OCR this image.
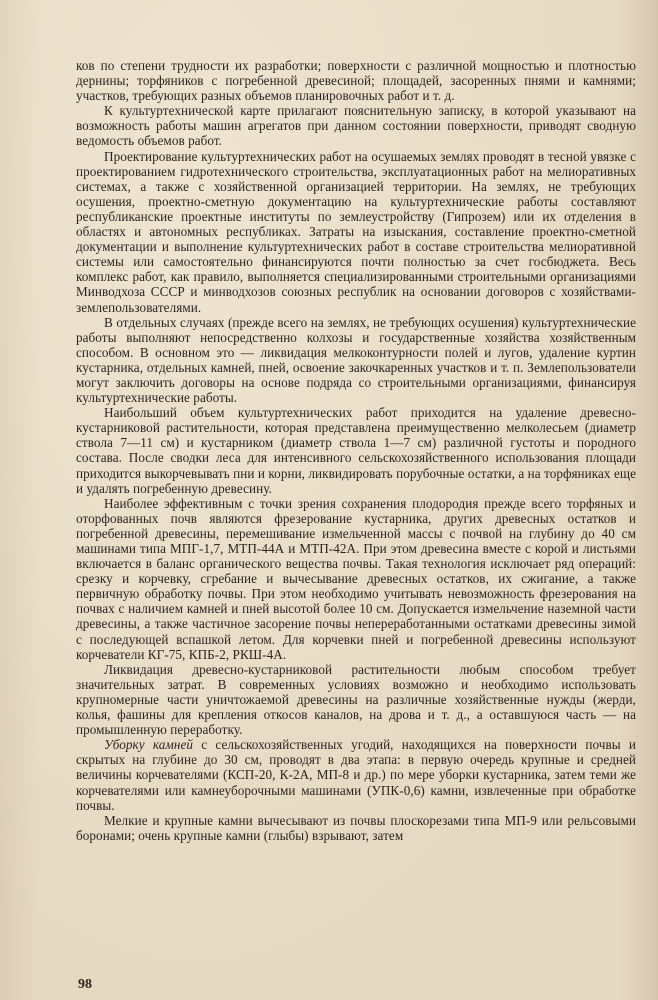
ков по степени трудности их разработки; поверхности с различной мощностью и плотностью дернины; торфяников с погребенной древесиной; площадей, засоренных пнями и камнями; участков, требующих разных объемов планировочных работ и т. д.

К культуртехнической карте прилагают пояснительную записку, в которой указывают на возможность работы машин агрегатов при данном состоянии поверхности, приводят сводную ведомость объемов работ.

Проектирование культуртехнических работ на осушаемых землях проводят в тесной увязке с проектированием гидротехнического строительства, эксплуатационных работ на мелиоративных системах, а также с хозяйственной организацией территории. На землях, не требующих осушения, проектно-сметную документацию на культуртехнические работы составляют республиканские проектные институты по землеустройству (Гипрозем) или их отделения в областях и автономных республиках. Затраты на изыскания, составление проектно-сметной документации и выполнение культуртехнических работ в составе строительства мелиоративной системы или самостоятельно финансируются почти полностью за счет госбюджета. Весь комплекс работ, как правило, выполняется специализированными строительными организациями Минводхоза СССР и минводхозов союзных республик на основании договоров с хозяйствами-землепользователями.

В отдельных случаях (прежде всего на землях, не требующих осушения) культуртехнические работы выполняют непосредственно колхозы и государственные хозяйства хозяйственным способом. В основном это — ликвидация мелкоконтурности полей и лугов, удаление куртин кустарника, отдельных камней, пней, освоение закочкаренных участков и т. п. Землепользователи могут заключить договоры на основе подряда со строительными организациями, финансируя культуртехнические работы.

Наибольший объем культуртехнических работ приходится на удаление древесно-кустарниковой растительности, которая представлена преимущественно мелколесьем (диаметр ствола 7—11 см) и кустарником (диаметр ствола 1—7 см) различной густоты и породного состава. После сводки леса для интенсивного сельскохозяйственного использования площади приходится выкорчевывать пни и корни, ликвидировать порубочные остатки, а на торфяниках еще и удалять погребенную древесину.

Наиболее эффективным с точки зрения сохранения плодородия прежде всего торфяных и оторфованных почв являются фрезерование кустарника, других древесных остатков и погребенной древесины, перемешивание измельченной массы с почвой на глубину до 40 см машинами типа МПГ-1,7, МТП-44А и МТП-42А. При этом древесина вместе с корой и листьями включается в баланс органического вещества почвы. Такая технология исключает ряд операций: срезку и корчевку, сгребание и вычесывание древесных остатков, их сжигание, а также первичную обработку почвы. При этом необходимо учитывать невозможность фрезерования на почвах с наличием камней и пней высотой более 10 см. Допускается измельчение наземной части древесины, а также частичное засорение почвы непереработанными остатками древесины зимой с последующей вспашкой летом. Для корчевки пней и погребенной древесины используют корчеватели КГ-75, КПБ-2, РКШ-4А.

Ликвидация древесно-кустарниковой растительности любым способом требует значительных затрат. В современных условиях возможно и необходимо использовать крупномерные части уничтожаемой древесины на различные хозяйственные нужды (жерди, колья, фашины для крепления откосов каналов, на дрова и т. д., а оставшуюся часть — на промышленную переработку.

Уборку камней с сельскохозяйственных угодий, находящихся на поверхности почвы и скрытых на глубине до 30 см, проводят в два этапа: в первую очередь крупные и средней величины корчевателями (КСП-20, К-2А, МП-8 и др.) по мере уборки кустарника, затем теми же корчевателями или камнеуборочными машинами (УПК-0,6) камни, извлеченные при обработке почвы.

Мелкие и крупные камни вычесывают из почвы плоскорезами типа МП-9 или рельсовыми боронами; очень крупные камни (глыбы) взрывают, затем

98
